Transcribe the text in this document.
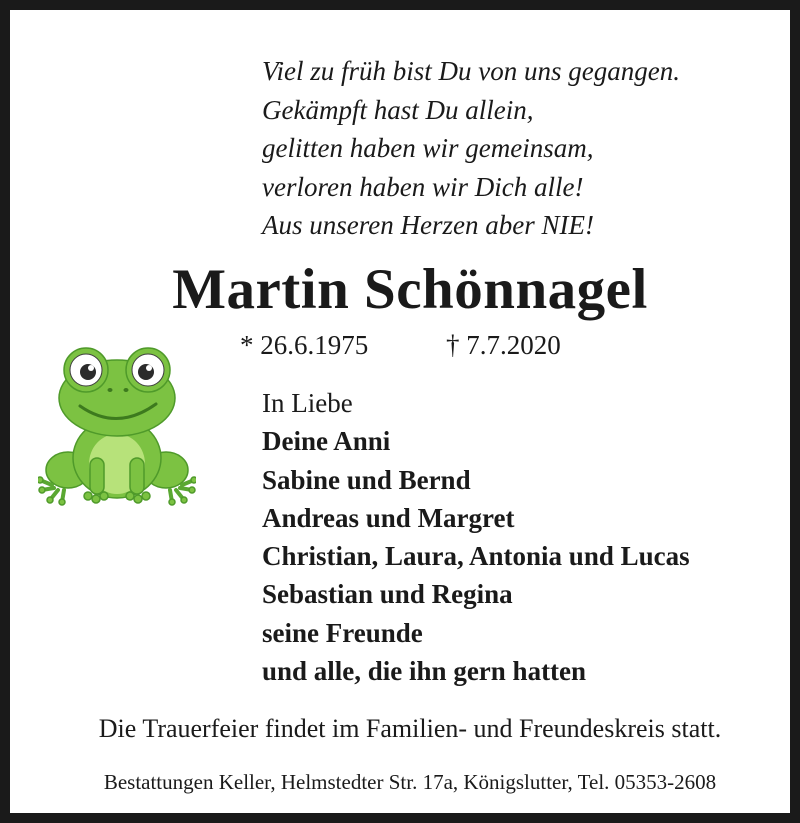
Viel zu früh bist Du von uns gegangen.
Gekämpft hast Du allein,
gelitten haben wir gemeinsam,
verloren haben wir Dich alle!
Aus unseren Herzen aber NIE!
Martin Schönnagel
* 26.6.1975	† 7.7.2020
In Liebe
Deine Anni
Sabine und Bernd
Andreas und Margret
Christian, Laura, Antonia und Lucas
Sebastian und Regina
seine Freunde
und alle, die ihn gern hatten
Die Trauerfeier findet im Familien- und Freundeskreis statt.
Bestattungen Keller, Helmstedter Str. 17a, Königslutter, Tel. 05353-2608
